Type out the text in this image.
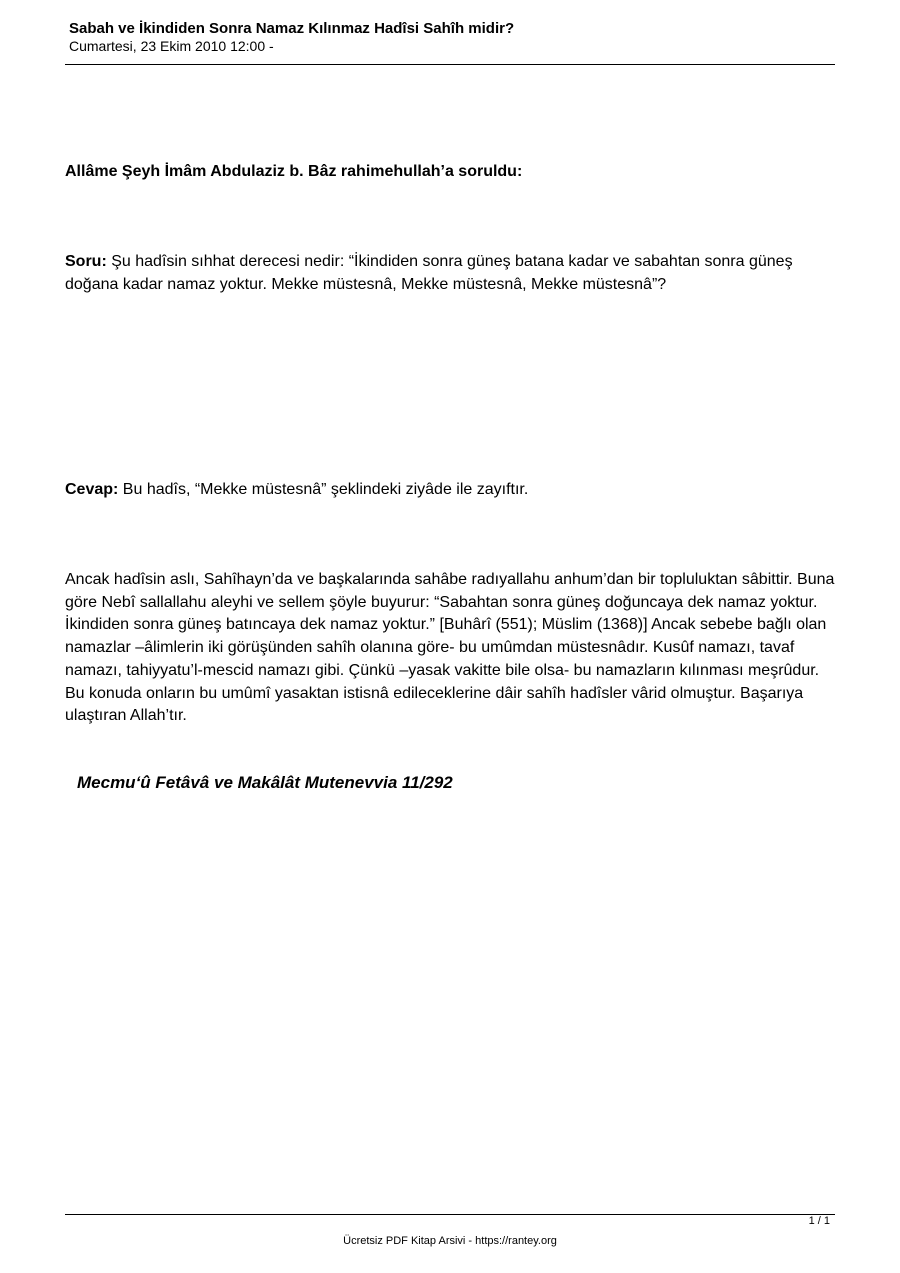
Sabah ve İkindiden Sonra Namaz Kılınmaz Hadîsi Sahîh midir?
Cumartesi, 23 Ekim 2010 12:00 -
Allâme Şeyh İmâm Abdulaziz b. Bâz rahimehullah’a soruldu:
Soru: Şu hadîsin sıhhat derecesi nedir: “İkindiden sonra güneş batana kadar ve sabahtan sonra güneş doğana kadar namaz yoktur. Mekke müstesnâ, Mekke müstesnâ, Mekke müstesnâ”?
Cevap: Bu hadîs, “Mekke müstesnâ” şeklindeki ziyâde ile zayıftır.
Ancak hadîsin aslı, Sahîhayn’da ve başkalarında sahâbe radıyallahu anhum’dan bir topluluktan sâbittir. Buna göre Nebî sallallahu aleyhi ve sellem şöyle buyurur: “Sabahtan sonra güneş doğuncaya dek namaz yoktur. İkindiden sonra güneş batıncaya dek namaz yoktur.” [Buhârî (551); Müslim (1368)] Ancak sebebe bağlı olan namazlar –âlimlerin iki görüşünden sahîh olanına göre- bu umûmdan müstesnâdır. Kusûf namazı, tavaf namazı, tahiyyatu’l-mescid namazı gibi. Çünkü –yasak vakitte bile olsa- bu namazların kılınması meşrûdur. Bu konuda onların bu umûmî yasaktan istisnâ edileceklerine dâir sahîh hadîsler vârid olmuştur. Başarıya ulaştıran Allah’tır.
Mecmu‘û Fetâvâ ve Makâlât Mutenevvia 11/292
1 / 1
Ücretsiz PDF Kitap Arsivi - https://rantey.org
